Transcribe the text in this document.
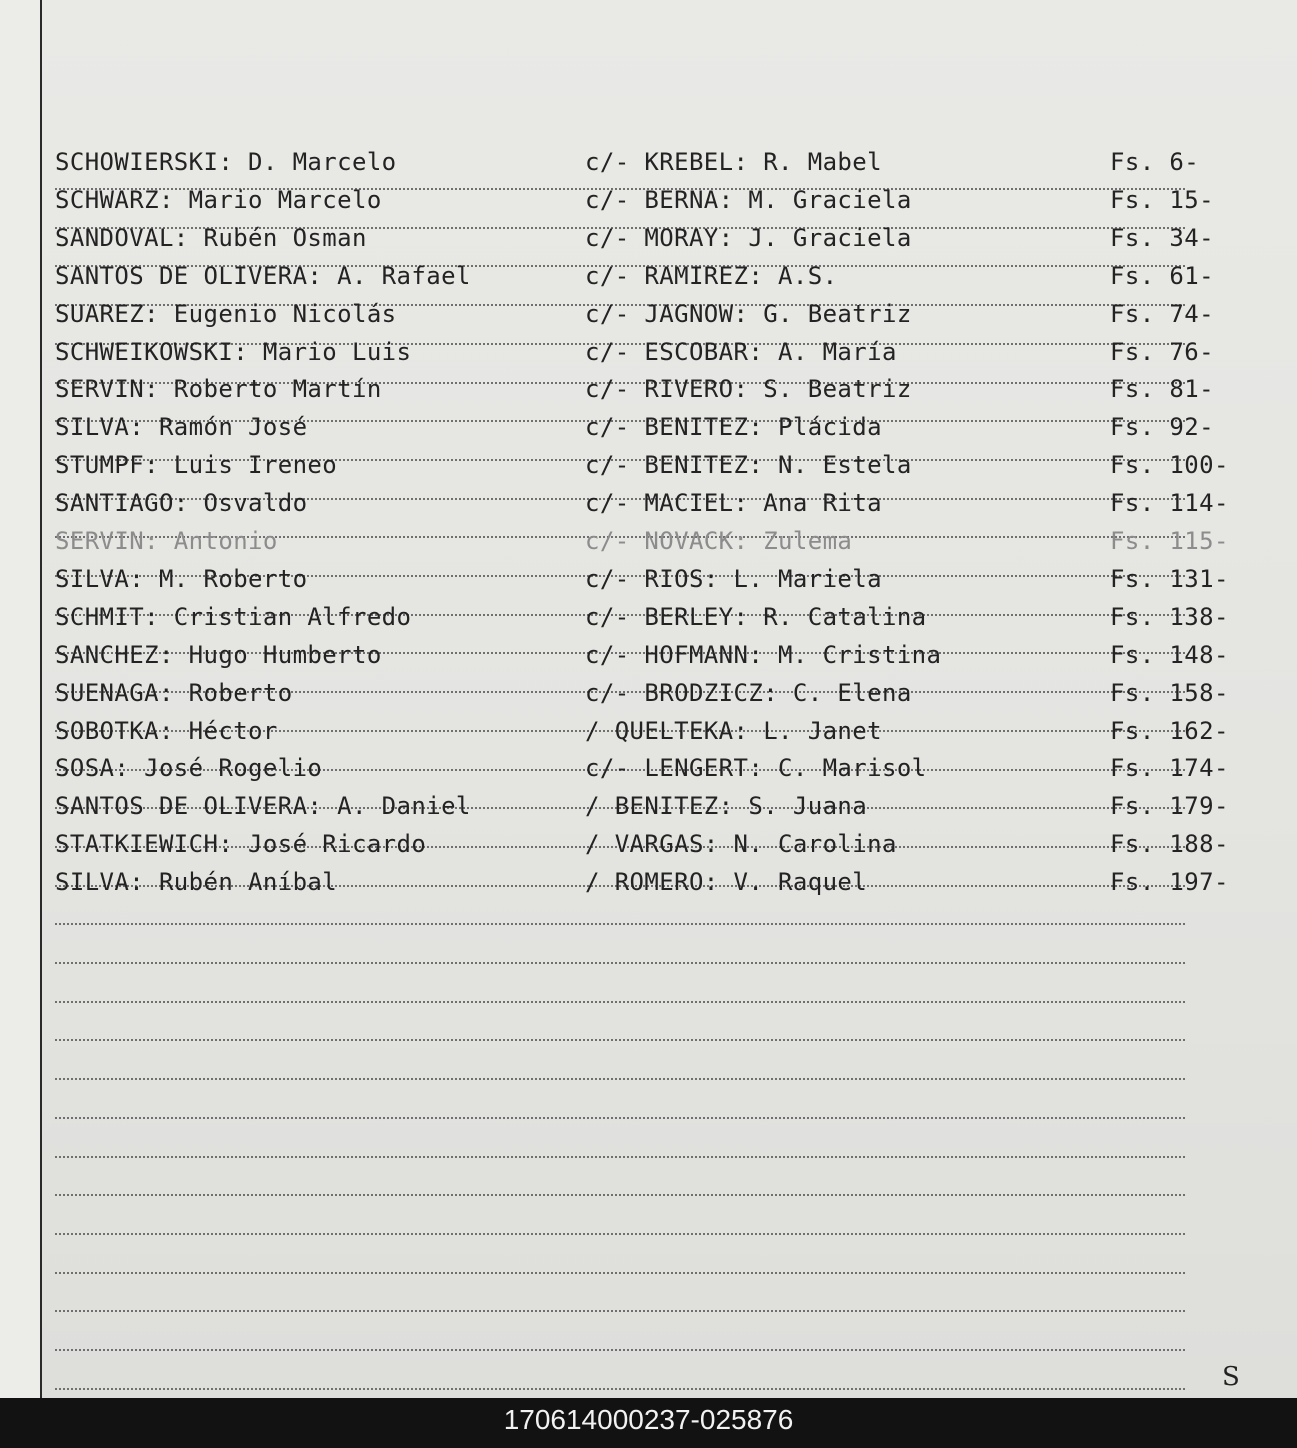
SCHOWIERSKI: D. Marcelo	c/- KREBEL: R. Mabel	Fs. 6-
SCHWARZ: Mario Marcelo	c/- BERNA: M. Graciela	Fs. 15-
SANDOVAL: Rubén Osman	c/- MORAY: J. Graciela	Fs. 34-
SANTOS DE OLIVERA: A. Rafael	c/- RAMIREZ: A.S.	Fs. 61-
SUAREZ: Eugenio Nicolás	c/- JAGNOW: G. Beatriz	Fs. 74-
SCHWEIKOWSKI: Mario Luis	c/- ESCOBAR: A. María	Fs. 76-
SERVIN: Roberto Martín	c/- RIVERO: S. Beatriz	Fs. 81-
SILVA: Ramón José	c/- BENITEZ: Plácida	Fs. 92-
STUMPF: Luis Ireneo	c/- BENITEZ: N. Estela	Fs. 100-
SANTIAGO: Osvaldo	c/- MACIEL: Ana Rita	Fs. 114-
SERVIN: Antonio	c/- NOVACK: Zulema	Fs. 115-
SILVA: M. Roberto	c/- RIOS: L. Mariela	Fs. 131-
SCHMIT: Cristian Alfredo	c/- BERLEY: R. Catalina	Fs. 138-
SANCHEZ: Hugo Humberto	c/- HOFMANN: M. Cristina	Fs. 148-
SUENAGA: Roberto	c/- BRODZICZ: C. Elena	Fs. 158-
SOBOTKA: Héctor	/ QUELTEKA: L. Janet	Fs. 162-
SOSA: José Rogelio	c/- LENGERT: C. Marisol	Fs. 174-
SANTOS DE OLIVERA: A. Daniel	/ BENITEZ: S. Juana	Fs. 179-
STATKIEWICH: José Ricardo	/ VARGAS: N. Carolina	Fs. 188-
SILVA: Rubén Aníbal	/ ROMERO: V. Raquel	Fs. 197-
S
170614000237-025876
